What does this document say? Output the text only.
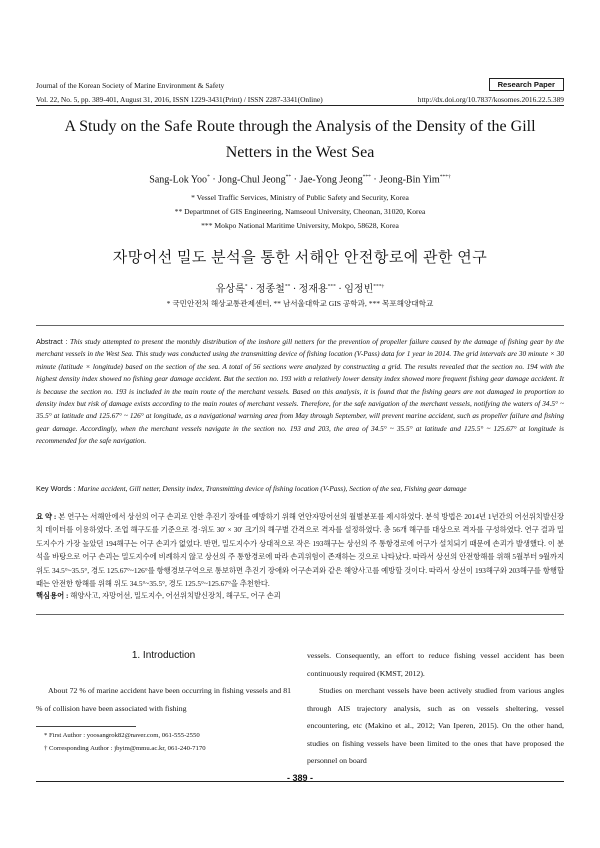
Journal of the Korean Society of Marine Environment & Safety	Research Paper
Vol. 22, No. 5, pp. 389-401, August 31, 2016, ISSN 1229-3431(Print) / ISSN 2287-3341(Online)	http://dx.doi.org/10.7837/kosomes.2016.22.5.389
A Study on the Safe Route through the Analysis of the Density of the Gill
Netters in the West Sea
Sang-Lok Yoo* · Jong-Chul Jeong** · Jae-Yong Jeong*** · Jeong-Bin Yim***†
* Vessel Traffic Services, Ministry of Public Safety and Security, Korea
** Departmnet of GIS Engineering, Namseoul University, Cheonan, 31020, Korea
*** Mokpo National Maritime University, Mokpo, 58628, Korea
자망어선 밀도 분석을 통한 서해안 안전항로에 관한 연구
유상록* · 정종철** · 정재용*** · 임정빈***†
* 국민안전처 해상교통관제센터, ** 남서울대학교 GIS 공학과, *** 목포해양대학교
Abstract : This study attempted to present the monthly distribution of the inshore gill netters for the prevention of propeller failure caused by the damage of fishing gear by the merchant vessels in the West Sea. This study was conducted using the transmitting device of fishing location (V-Pass) data for 1 year in 2014. The grid intervals are 30 minute × 30 minute (latitude × longitude) based on the section of the sea. A total of 56 sections were analyzed by constructing a grid. The results revealed that the section no. 194 with the highest density index showed no fishing gear damage accident. But the section no. 193 with a relatively lower density index showed more frequent fishing gear damage accident. It is because the section no. 193 is included in the main route of the merchant vessels. Based on this analysis, it is found that the fishing gears are not damaged in proportion to density index but risk of damage exists according to the main routes of merchant vessels. Therefore, for the safe navigation of the merchant vessels, notifying the waters of 34.5° ~ 35.5° at latitude and 125.67° ~ 126° at longitude, as a navigational warning area from May through September, will prevent marine accident, such as propeller failure and fishing gear damage. Accordingly, when the merchant vessels navigate in the section no. 193 and 203, the area of 34.5° ~ 35.5° at latitude and 125.5° ~ 125.67° at longitude is recommended for the safe navigation.
Key Words : Marine accident, Gill netter, Density index, Transmitting device of fishing location (V-Pass), Section of the sea, Fishing gear damage
요 약 : 본 연구는 서해안에서 상선의 어구 손괴로 인한 추진기 장애를 예방하기 위해 연안자망어선의 월별분포를 제시하였다. 분석 방법은 2014년 1년간의 어선위치발신장치 데이터를 이용하였다. 조업 해구도를 기준으로 경·위도 30′ × 30′ 크기의 해구별 간격으로 격자를 설정하였다. 총 56개 해구를 대상으로 격자를 구성하였다. 연구 결과 밀도지수가 가장 높았던 194해구는 어구 손괴가 없었다. 반면, 밀도지수가 상대적으로 작은 193해구는 상선의 주 통항경로에 어구가 설치되기 때문에 손괴가 발생했다. 이 분석을 바탕으로 어구 손괴는 밀도지수에 비례하지 않고 상선의 주 통항경로에 따라 손괴위험이 존재하는 것으로 나타났다. 따라서 상선의 안전항해를 위해 5월부터 9월까지 위도 34.5°~35.5°, 경도 125.67°~126°를 항행경보구역으로 통보하면 추진기 장애와 어구손괴와 같은 해양사고를 예방할 것이다. 따라서 상선이 193해구와 203해구를 항행할 때는 안전한 항해를 위해 위도 34.5°~35.5°, 경도 125.5°~125.67°을 추천한다.
핵심용어 : 해양사고, 자망어선, 밀도지수, 어선위치발신장치, 해구도, 어구 손괴
1. Introduction
About 72 % of marine accident have been occurring in fishing vessels and 81 % of collision have been associated with fishing
vessels. Consequently, an effort to reduce fishing vessel accident has been continuously required (KMST, 2012).
Studies on merchant vessels have been actively studied from various angles through AIS trajectory analysis, such as on vessels sheltering, vessel encountering, etc (Makino et al., 2012; Van Iperen, 2015). On the other hand, studies on fishing vessels have been limited to the ones that have proposed the personnel on board
* First Author : yoosangrok82@naver.com, 061-555-2550
† Corresponding Author : jbyim@mmu.ac.kr, 061-240-7170
- 389 -
